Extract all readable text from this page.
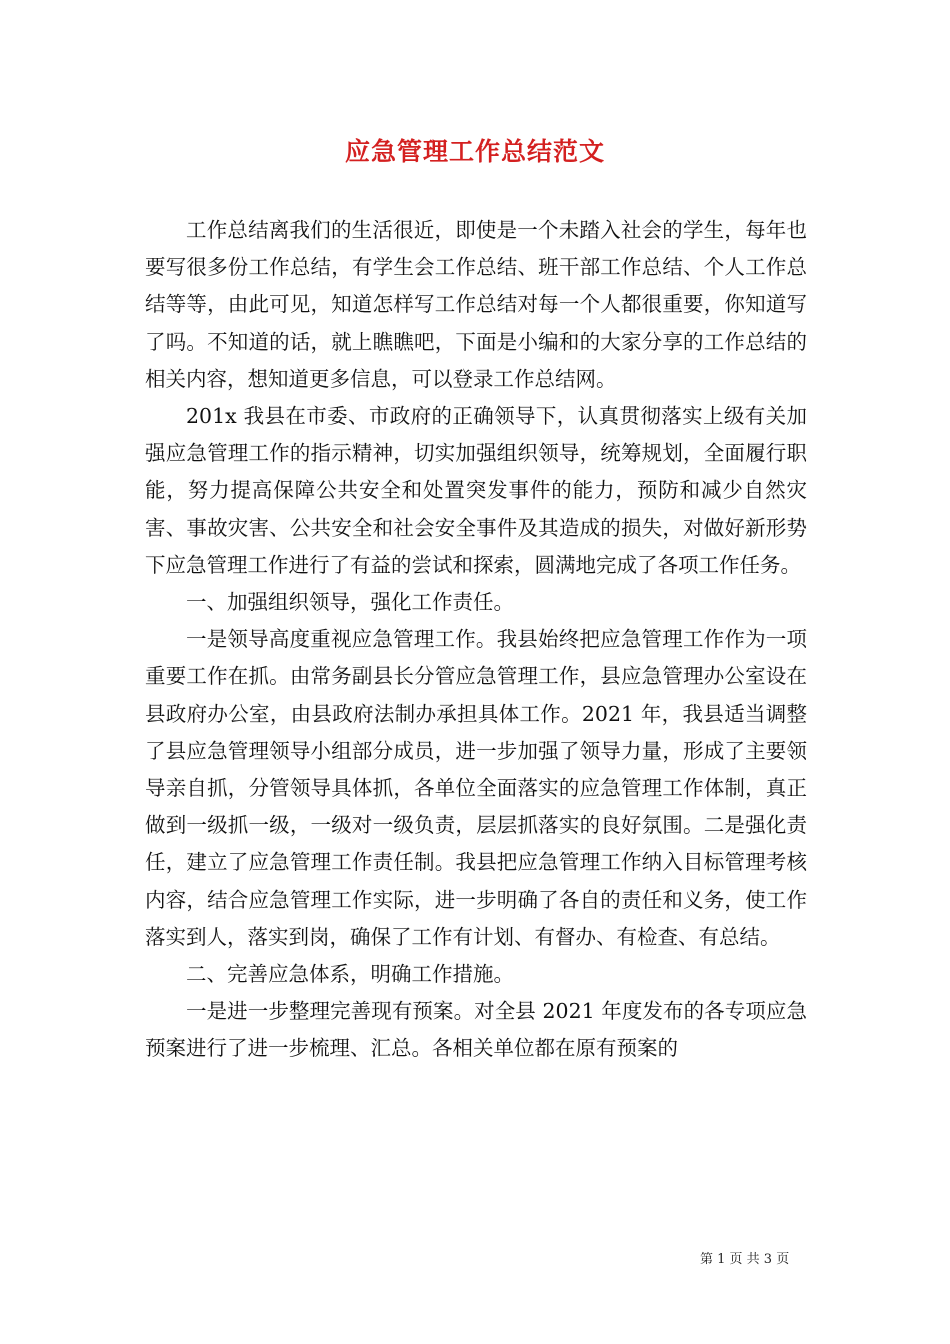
应急管理工作总结范文

工作总结离我们的生活很近，即使是一个未踏入社会的学生，每年也要写很多份工作总结，有学生会工作总结、班干部工作总结、个人工作总结等等，由此可见，知道怎样写工作总结对每一个人都很重要，你知道写了吗。不知道的话，就上瞧瞧吧，下面是小编和的大家分享的工作总结的相关内容，想知道更多信息，可以登录工作总结网。

201x 我县在市委、市政府的正确领导下，认真贯彻落实上级有关加强应急管理工作的指示精神，切实加强组织领导，统筹规划，全面履行职能，努力提高保障公共安全和处置突发事件的能力，预防和减少自然灾害、事故灾害、公共安全和社会安全事件及其造成的损失，对做好新形势下应急管理工作进行了有益的尝试和探索，圆满地完成了各项工作任务。

一、加强组织领导，强化工作责任。

一是领导高度重视应急管理工作。我县始终把应急管理工作作为一项重要工作在抓。由常务副县长分管应急管理工作，县应急管理办公室设在县政府办公室，由县政府法制办承担具体工作。2021 年，我县适当调整了县应急管理领导小组部分成员，进一步加强了领导力量，形成了主要领导亲自抓，分管领导具体抓，各单位全面落实的应急管理工作体制，真正做到一级抓一级，一级对一级负责，层层抓落实的良好氛围。二是强化责任，建立了应急管理工作责任制。我县把应急管理工作纳入目标管理考核内容，结合应急管理工作实际，进一步明确了各自的责任和义务，使工作落实到人，落实到岗，确保了工作有计划、有督办、有检查、有总结。

二、完善应急体系，明确工作措施。

一是进一步整理完善现有预案。对全县 2021 年度发布的各专项应急预案进行了进一步梳理、汇总。各相关单位都在原有预案的

第 1 页 共 3 页
